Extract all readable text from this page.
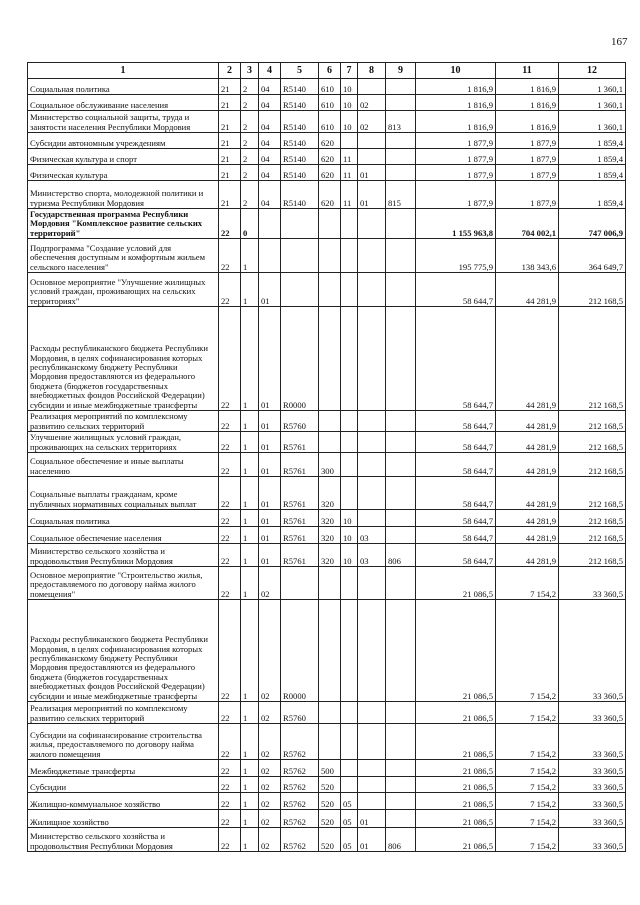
167
1	2	3	4	5	6	7	8	9	10	11	12
Социальная политика	21	2	04	R5140	610	10			1 816,9	1 816,9	1 360,1
Социальное обслуживание населения	21	2	04	R5140	610	10	02		1 816,9	1 816,9	1 360,1
Министерство социальной защиты, труда и занятости населения Республики Мордовия	21	2	04	R5140	610	10	02	813	1 816,9	1 816,9	1 360,1
Субсидии автономным учреждениям	21	2	04	R5140	620				1 877,9	1 877,9	1 859,4
Физическая культура и спорт	21	2	04	R5140	620	11			1 877,9	1 877,9	1 859,4
Физическая культура	21	2	04	R5140	620	11	01		1 877,9	1 877,9	1 859,4
Министерство спорта, молодежной политики и туризма Республики Мордовия	21	2	04	R5140	620	11	01	815	1 877,9	1 877,9	1 859,4
Государственная программа Республики Мордовия "Комплексное развитие сельских территорий"	22	0							1 155 963,8	704 002,1	747 006,9
Подпрограмма "Создание условий для обеспечения доступным и комфортным жильем сельского населения"	22	1							195 775,9	138 343,6	364 649,7
Основное мероприятие "Улучшение жилищных условий граждан, проживающих на сельских территориях"	22	1	01						58 644,7	44 281,9	212 168,5
Расходы республиканского бюджета Республики Мордовия, в целях софинансирования которых республиканскому бюджету Республики Мордовия предоставляются из федерального бюджета (бюджетов государственных внебюджетных фондов Российской Федерации) субсидии и иные межбюджетные трансферты	22	1	01	R0000					58 644,7	44 281,9	212 168,5
Реализация мероприятий по комплексному развитию сельских территорий	22	1	01	R5760					58 644,7	44 281,9	212 168,5
Улучшение жилищных условий граждан, проживающих на сельских территориях	22	1	01	R5761					58 644,7	44 281,9	212 168,5
Социальное обеспечение и иные выплаты населению	22	1	01	R5761	300				58 644,7	44 281,9	212 168,5
Социальные выплаты гражданам, кроме публичных нормативных социальных выплат	22	1	01	R5761	320				58 644,7	44 281,9	212 168,5
Социальная политика	22	1	01	R5761	320	10			58 644,7	44 281,9	212 168,5
Социальное обеспечение населения	22	1	01	R5761	320	10	03		58 644,7	44 281,9	212 168,5
Министерство сельского хозяйства и продовольствия Республики Мордовия	22	1	01	R5761	320	10	03	806	58 644,7	44 281,9	212 168,5
Основное мероприятие "Строительство жилья, предоставляемого по договору найма жилого помещения"	22	1	02						21 086,5	7 154,2	33 360,5
Расходы республиканского бюджета Республики Мордовия, в целях софинансирования которых республиканскому бюджету Республики Мордовия предоставляются из федерального бюджета (бюджетов государственных внебюджетных фондов Российской Федерации) субсидии и иные межбюджетные трансферты	22	1	02	R0000					21 086,5	7 154,2	33 360,5
Реализация мероприятий по комплексному развитию сельских территорий	22	1	02	R5760					21 086,5	7 154,2	33 360,5
Субсидии на софинансирование строительства жилья, предоставляемого по договору найма жилого помещения	22	1	02	R5762					21 086,5	7 154,2	33 360,5
Межбюджетные трансферты	22	1	02	R5762	500				21 086,5	7 154,2	33 360,5
Субсидии	22	1	02	R5762	520				21 086,5	7 154,2	33 360,5
Жилищно-коммунальное хозяйство	22	1	02	R5762	520	05			21 086,5	7 154,2	33 360,5
Жилищное хозяйство	22	1	02	R5762	520	05	01		21 086,5	7 154,2	33 360,5
Министерство сельского хозяйства и продовольствия Республики Мордовия	22	1	02	R5762	520	05	01	806	21 086,5	7 154,2	33 360,5
